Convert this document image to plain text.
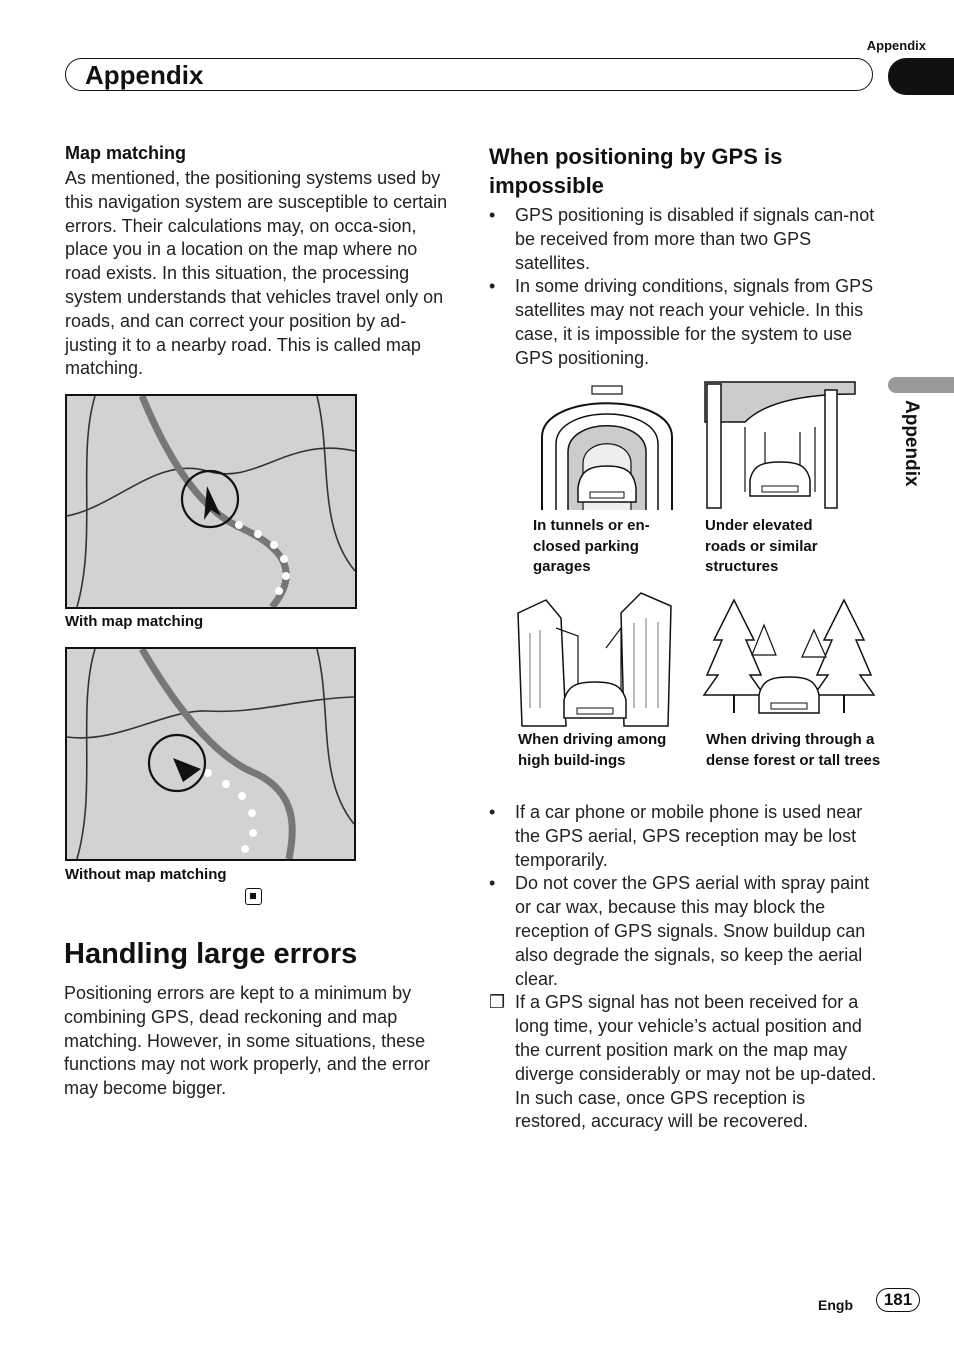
Appendix
Appendix
Appendix
Map matching
As mentioned, the positioning systems used by this navigation system are susceptible to certain errors. Their calculations may, on occa-sion, place you in a location on the map where no road exists. In this situation, the processing system understands that vehicles travel only on roads, and can correct your position by ad-justing it to a nearby road. This is called map matching.
With map matching
Without map matching
Handling large errors
Positioning errors are kept to a minimum by combining GPS, dead reckoning and map matching. However, in some situations, these functions may not work properly, and the error may become bigger.
When positioning by GPS is impossible
• GPS positioning is disabled if signals can-not be received from more than two GPS satellites.
• In some driving conditions, signals from GPS satellites may not reach your vehicle. In this case, it is impossible for the system to use GPS positioning.
In tunnels or en-closed parking garages
Under elevated roads or similar structures
When driving among high build-ings
When driving through a dense forest or tall trees
• If a car phone or mobile phone is used near the GPS aerial, GPS reception may be lost temporarily.
• Do not cover the GPS aerial with spray paint or car wax, because this may block the reception of GPS signals. Snow buildup can also degrade the signals, so keep the aerial clear.
❒ If a GPS signal has not been received for a long time, your vehicle’s actual position and the current position mark on the map may diverge considerably or may not be up-dated. In such case, once GPS reception is restored, accuracy will be recovered.
Engb	181
